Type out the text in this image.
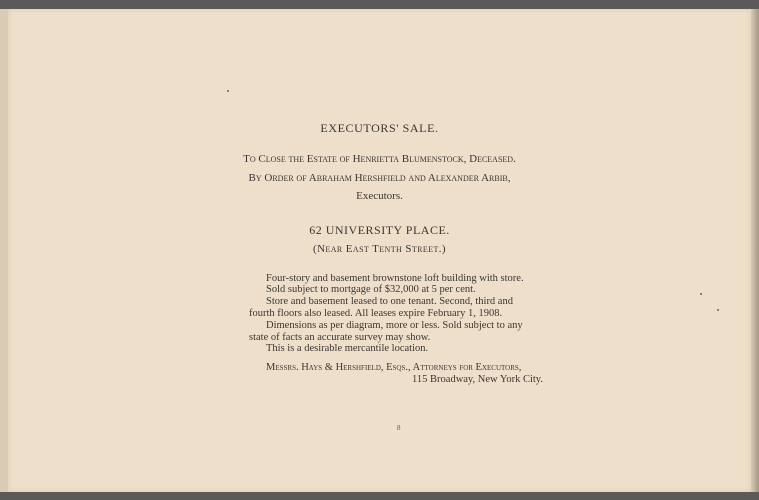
EXECUTORS' SALE.
To Close the Estate of Henrietta Blumenstock, Deceased.
By Order of Abraham Hershfield and Alexander Arbib,
Executors.
62 UNIVERSITY PLACE.
(Near East Tenth Street.)
Four-story and basement brownstone loft building with store.
Sold subject to mortgage of $32,000 at 5 per cent.
Store and basement leased to one tenant. Second, third and
fourth floors also leased. All leases expire February 1, 1908.
Dimensions as per diagram, more or less. Sold subject to any
state of facts an accurate survey may show.
This is a desirable mercantile location.
Messrs. Hays & Hershfield, Esqs., Attorneys for Executors,
115 Broadway, New York City.
8
